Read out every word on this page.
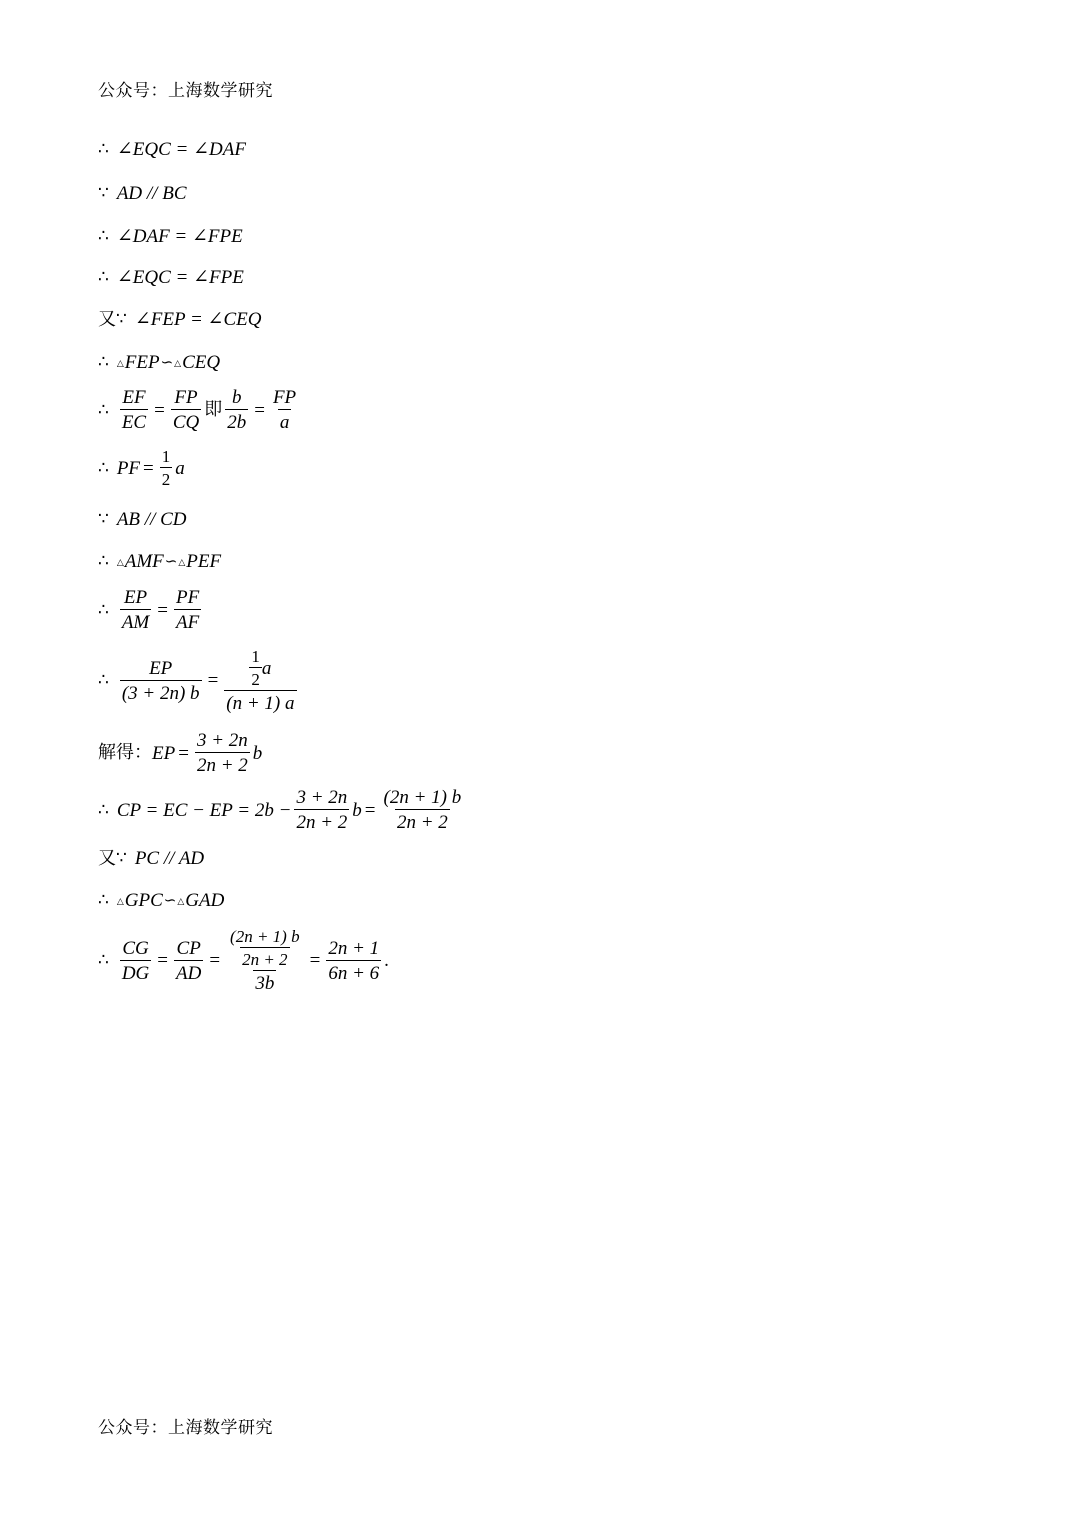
公众号：上海数学研究
∴ ∠EQC = ∠DAF
∵ AD // BC
∴ ∠DAF = ∠FPE
∴ ∠EQC = ∠FPE
又 ∵ ∠FEP = ∠CEQ
∴ △ FEP ∽ △ CEQ
∴ $\frac{EF}{EC} = \frac{FP}{CQ}$ 即 $\frac{b}{2b} = \frac{FP}{a}$
∴ PF = $\frac{1}{2}$ a
∵ AB // CD
∴ △ AMF ∽ △ PEF
∴ $\frac{EP}{AM} = \frac{PF}{AF}$
∴ $\frac{EP}{(3 + 2n) b} = \frac{\frac{1}{2} a}{(n + 1) a}$
解得： EP = $\frac{3 + 2n}{2n + 2}$ b
∴ CP = EC − EP = $2b - \frac{3 + 2n}{2n + 2}$ $b = \frac{(2n + 1) b}{2n + 2}$
又 ∵ PC // AD
∴ △ GPC ∽ △ GAD
∴ $\frac{CG}{DG} = \frac{CP}{AD} = \frac{\frac{(2n + 1) b}{2n + 2}}{3b} = \frac{2n + 1}{6n + 6}$ .
公众号：上海数学研究
